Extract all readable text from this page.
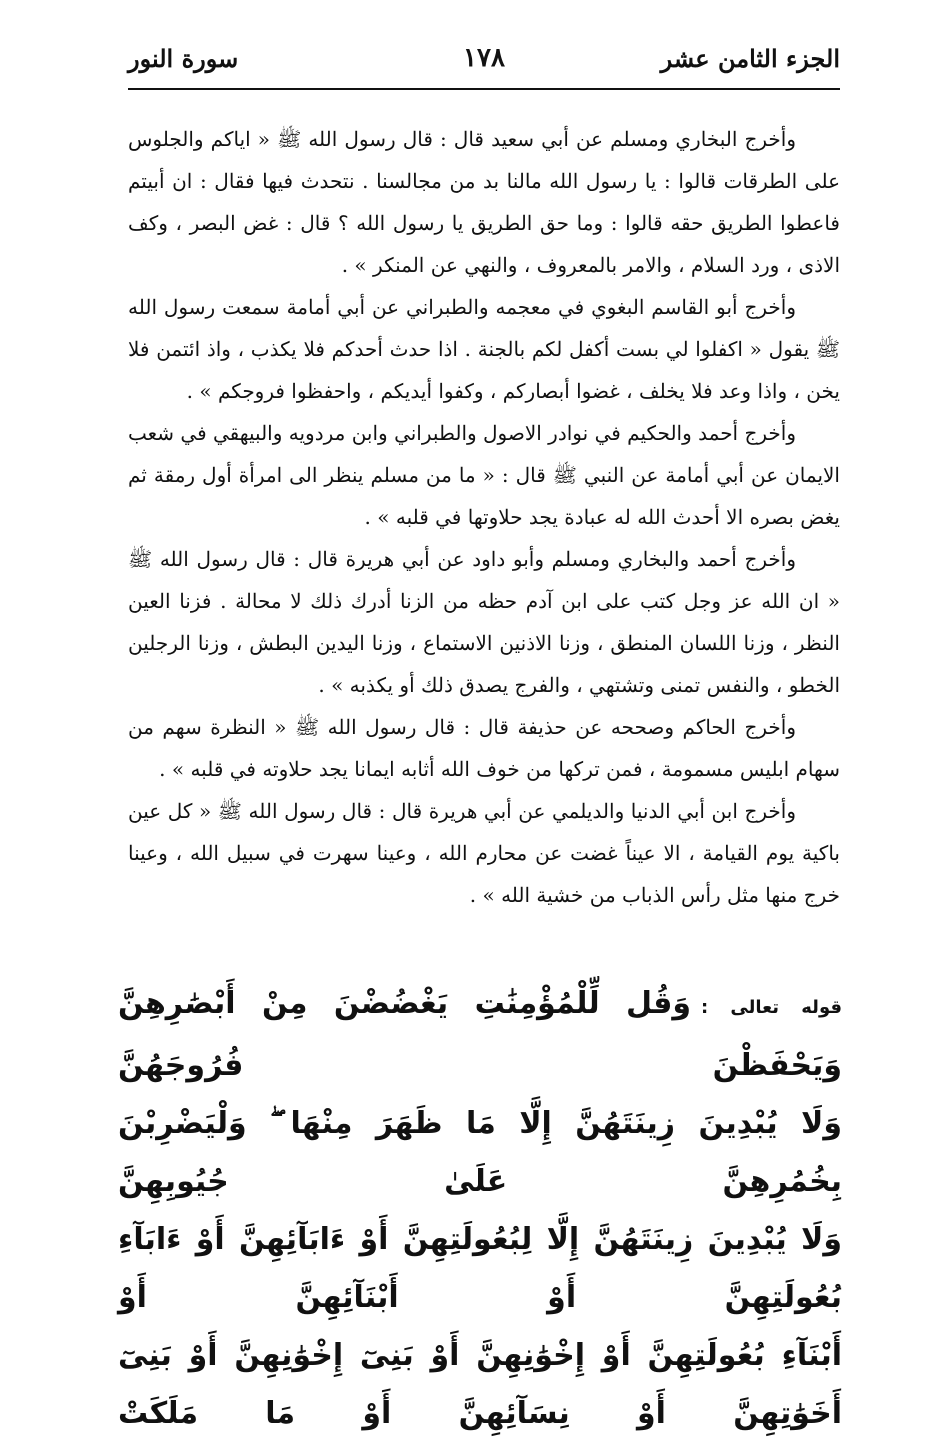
الجزء الثامن عشر
١٧٨
سورة النور

وأخرج البخاري ومسلم عن أبي سعيد قال : قال رسول الله ﷺ « اياكم والجلوس على الطرقات قالوا : يا رسول الله مالنا بد من مجالسنا . نتحدث فيها فقال : ان أبيتم فاعطوا الطريق حقه قالوا : وما حق الطريق يا رسول الله ؟ قال : غض البصر ، وكف الاذى ، ورد السلام ، والامر بالمعروف ، والنهي عن المنكر » .

وأخرج أبو القاسم البغوي في معجمه والطبراني عن أبي أمامة سمعت رسول الله ﷺ يقول « اكفلوا لي بست أكفل لكم بالجنة . اذا حدث أحدكم فلا يكذب ، واذ ائتمن فلا يخن ، واذا وعد فلا يخلف ، غضوا أبصاركم ، وكفوا أيديكم ، واحفظوا فروجكم » .

وأخرج أحمد والحكيم في نوادر الاصول والطبراني وابن مردويه والبيهقي في شعب الايمان عن أبي أمامة عن النبي ﷺ قال : « ما من مسلم ينظر الى امرأة أول رمقة ثم يغض بصره الا أحدث الله له عبادة يجد حلاوتها في قلبه » .

وأخرج أحمد والبخاري ومسلم وأبو داود عن أبي هريرة قال : قال رسول الله ﷺ « ان الله عز وجل كتب على ابن آدم حظه من الزنا أدرك ذلك لا محالة . فزنا العين النظر ، وزنا اللسان المنطق ، وزنا الاذنين الاستماع ، وزنا اليدين البطش ، وزنا الرجلين الخطو ، والنفس تمنى وتشتهي ، والفرج يصدق ذلك أو يكذبه » .

وأخرج الحاكم وصححه عن حذيفة قال : قال رسول الله ﷺ « النظرة سهم من سهام ابليس مسمومة ، فمن تركها من خوف الله أثابه ايمانا يجد حلاوته في قلبه » .

وأخرج ابن أبي الدنيا والديلمي عن أبي هريرة قال : قال رسول الله ﷺ « كل عين باكية يوم القيامة ، الا عيناً غضت عن محارم الله ، وعينا سهرت في سبيل الله ، وعينا خرج منها مثل رأس الذباب من خشية الله » .

قوله تعالى :وَقُل لِّلْمُؤْمِنَٰتِ يَغْضُضْنَ مِنْ أَبْصَٰرِهِنَّ وَيَحْفَظْنَ فُرُوجَهُنَّ

وَلَا يُبْدِينَ زِينَتَهُنَّ إِلَّا مَا ظَهَرَ مِنْهَا ۖ وَلْيَضْرِبْنَ بِخُمُرِهِنَّ عَلَىٰ جُيُوبِهِنَّ

وَلَا يُبْدِينَ زِينَتَهُنَّ إِلَّا لِبُعُولَتِهِنَّ أَوْ ءَابَآئِهِنَّ أَوْ ءَابَآءِ بُعُولَتِهِنَّ أَوْ أَبْنَآئِهِنَّ أَوْ

أَبْنَآءِ بُعُولَتِهِنَّ أَوْ إِخْوَٰنِهِنَّ أَوْ بَنِىٓ إِخْوَٰنِهِنَّ أَوْ بَنِىٓ أَخَوَٰتِهِنَّ أَوْ نِسَآئِهِنَّ أَوْ مَا مَلَكَتْ
